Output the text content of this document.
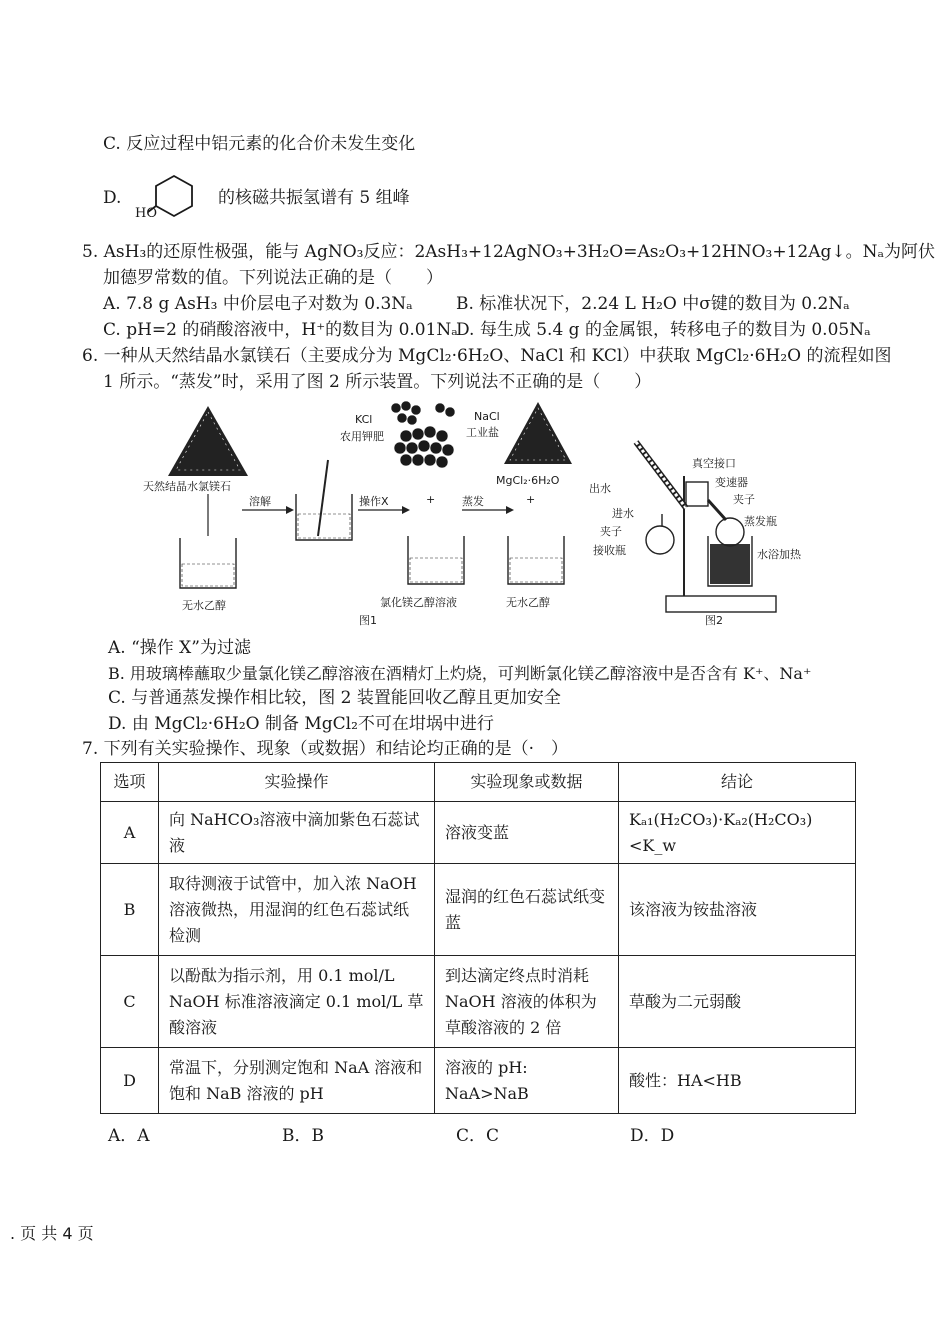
C. 反应过程中铝元素的化合价未发生变化
D.
HO
的核磁共振氢谱有 5 组峰
5. AsH₃的还原性极强，能与 AgNO₃反应：2AsH₃+12AgNO₃+3H₂O=As₂O₃+12HNO₃+12Ag↓。Nₐ为阿伏
加德罗常数的值。下列说法正确的是（　　）
A. 7.8 g AsH₃ 中价层电子对数为 0.3Nₐ	B. 标准状况下，2.24 L H₂O 中σ键的数目为 0.2Nₐ
C. pH=2 的硝酸溶液中，H⁺的数目为 0.01Nₐ
D. 每生成 5.4 g 的金属银，转移电子的数目为 0.05Nₐ
6. 一种从天然结晶水氯镁石（主要成分为 MgCl₂·6H₂O、NaCl 和 KCl）中获取 MgCl₂·6H₂O 的流程如图
1 所示。“蒸发”时，采用了图 2 所示装置。下列说法不正确的是（　　）
天然结晶水氯镁石
溶解	操作X	+ 蒸发	+
KCl
农用钾肥
NaCl
工业盐
MgCl₂·6H₂O
无水乙醇	氯化镁乙醇溶液	无水乙醇
图1
真空接口
出水	变速器
夹子
进水
夹子
蒸发瓶
接收瓶	水浴加热
图2
A. “操作 X”为过滤
B. 用玻璃棒蘸取少量氯化镁乙醇溶液在酒精灯上灼烧，可判断氯化镁乙醇溶液中是否含有 K⁺、Na⁺
C. 与普通蒸发操作相比较，图 2 装置能回收乙醇且更加安全
D. 由 MgCl₂·6H₂O 制备 MgCl₂不可在坩埚中进行
7. 下列有关实验操作、现象（或数据）和结论均正确的是（·　）
选项	实验操作	实验现象或数据	结论
A	向 NaHCO₃溶液中滴加紫色石蕊试液	溶液变蓝	Kₐ₁(H₂CO₃)·Kₐ₂(H₂CO₃)<K_w
B	取待测液于试管中，加入浓 NaOH 溶液微热，用湿润的红色石蕊试纸检测	湿润的红色石蕊试纸变蓝	该溶液为铵盐溶液
C	以酚酞为指示剂，用 0.1 mol/L NaOH 标准溶液滴定 0.1 mol/L 草酸溶液	到达滴定终点时消耗 NaOH 溶液的体积为草酸溶液的 2 倍	草酸为二元弱酸
D	常温下，分别测定饱和 NaA 溶液和饱和 NaB 溶液的 pH	溶液的 pH: NaA>NaB	酸性：HA<HB
A．A	B．B	C．C	D．D
. 页 共 4 页
